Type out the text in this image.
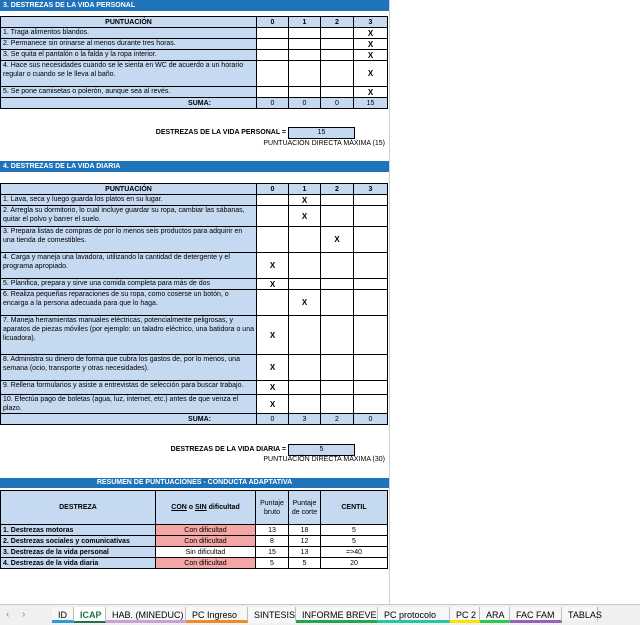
3. DESTREZAS DE LA VIDA PERSONAL
PUNTUACIÓN	0	1	2	3
1. Traga alimentos blandos.				X
2. Permanece sin orinarse al menos durante tres horas.				X
3. Se quita el pantalón o la falda y la ropa interior.				X
4. Hace sus necesidades cuando se le sienta en WC de acuerdo a un horario regular o cuando se le lleva al baño.				X
5. Se pone camisetas o polerón, aunque sea al revés.				X
SUMA:	0	0	0	15
DESTREZAS DE LA VIDA PERSONAL =	15
PUNTUACIÓN DIRECTA MÁXIMA (15)
4. DESTREZAS DE LA VIDA DIARIA
PUNTUACIÓN	0	1	2	3
1. Lava, seca y luego guarda los platos en su lugar.		X		
2. Arregla su dormitorio, lo cual incluye guardar su ropa, cambiar las sábanas, quitar el polvo y barrer el suelo.		X		
3. Prepara listas de compras de por lo menos seis productos para adquirir en una tienda de comestibles.			X	
4. Carga y maneja una lavadora, utilizando la cantidad de detergente y el programa apropiado.	X			
5. Planifica, prepara y sirve una comida completa para más de dos	X			
6. Realiza pequeñas reparaciones de su ropa, como coserse un botón, o encarga a la persona adecuada para que lo haga.		X		
7. Maneja herramientas manuales eléctricas, potencialmente peligrosas, y aparatos de piezas móviles (por ejemplo: un taladro eléctrico, una batidora o una licuadora).	X			
8. Administra su dinero de forma que cubra los gastos de, por lo menos, una semana (ocio, transporte y otras necesidades).	X			
9. Rellena formularios y asiste a entrevistas de selección para buscar trabajo.	X			
10. Efectúa pago de boletas (agua, luz, internet, etc.) antes de que venza el plazo.	X			
SUMA:	0	3	2	0
DESTREZAS DE LA VIDA DIARIA =	5
PUNTUACIÓN DIRECTA MÁXIMA (30)
RESUMEN DE PUNTUACIONES - CONDUCTA ADAPTATIVA
DESTREZA	CON o SIN dificultad	Puntaje bruto	Puntaje de corte	CENTIL
1. Destrezas motoras	Con dificultad	13	18	5
2. Destrezas sociales y comunicativas	Con dificultad	8	12	5
3. Destrezas de la vida personal	Sin dificultad	15	13	=>40
4. Destrezas de la vida diaria	Con dificultad	5	5	20
‹ ›	ID	ICAP	HAB. (MINEDUC) PC Ingreso	SINTESIS INFORME BREVE PC protocolo	PC 2	ARA	FAC FAM	TABLAS
